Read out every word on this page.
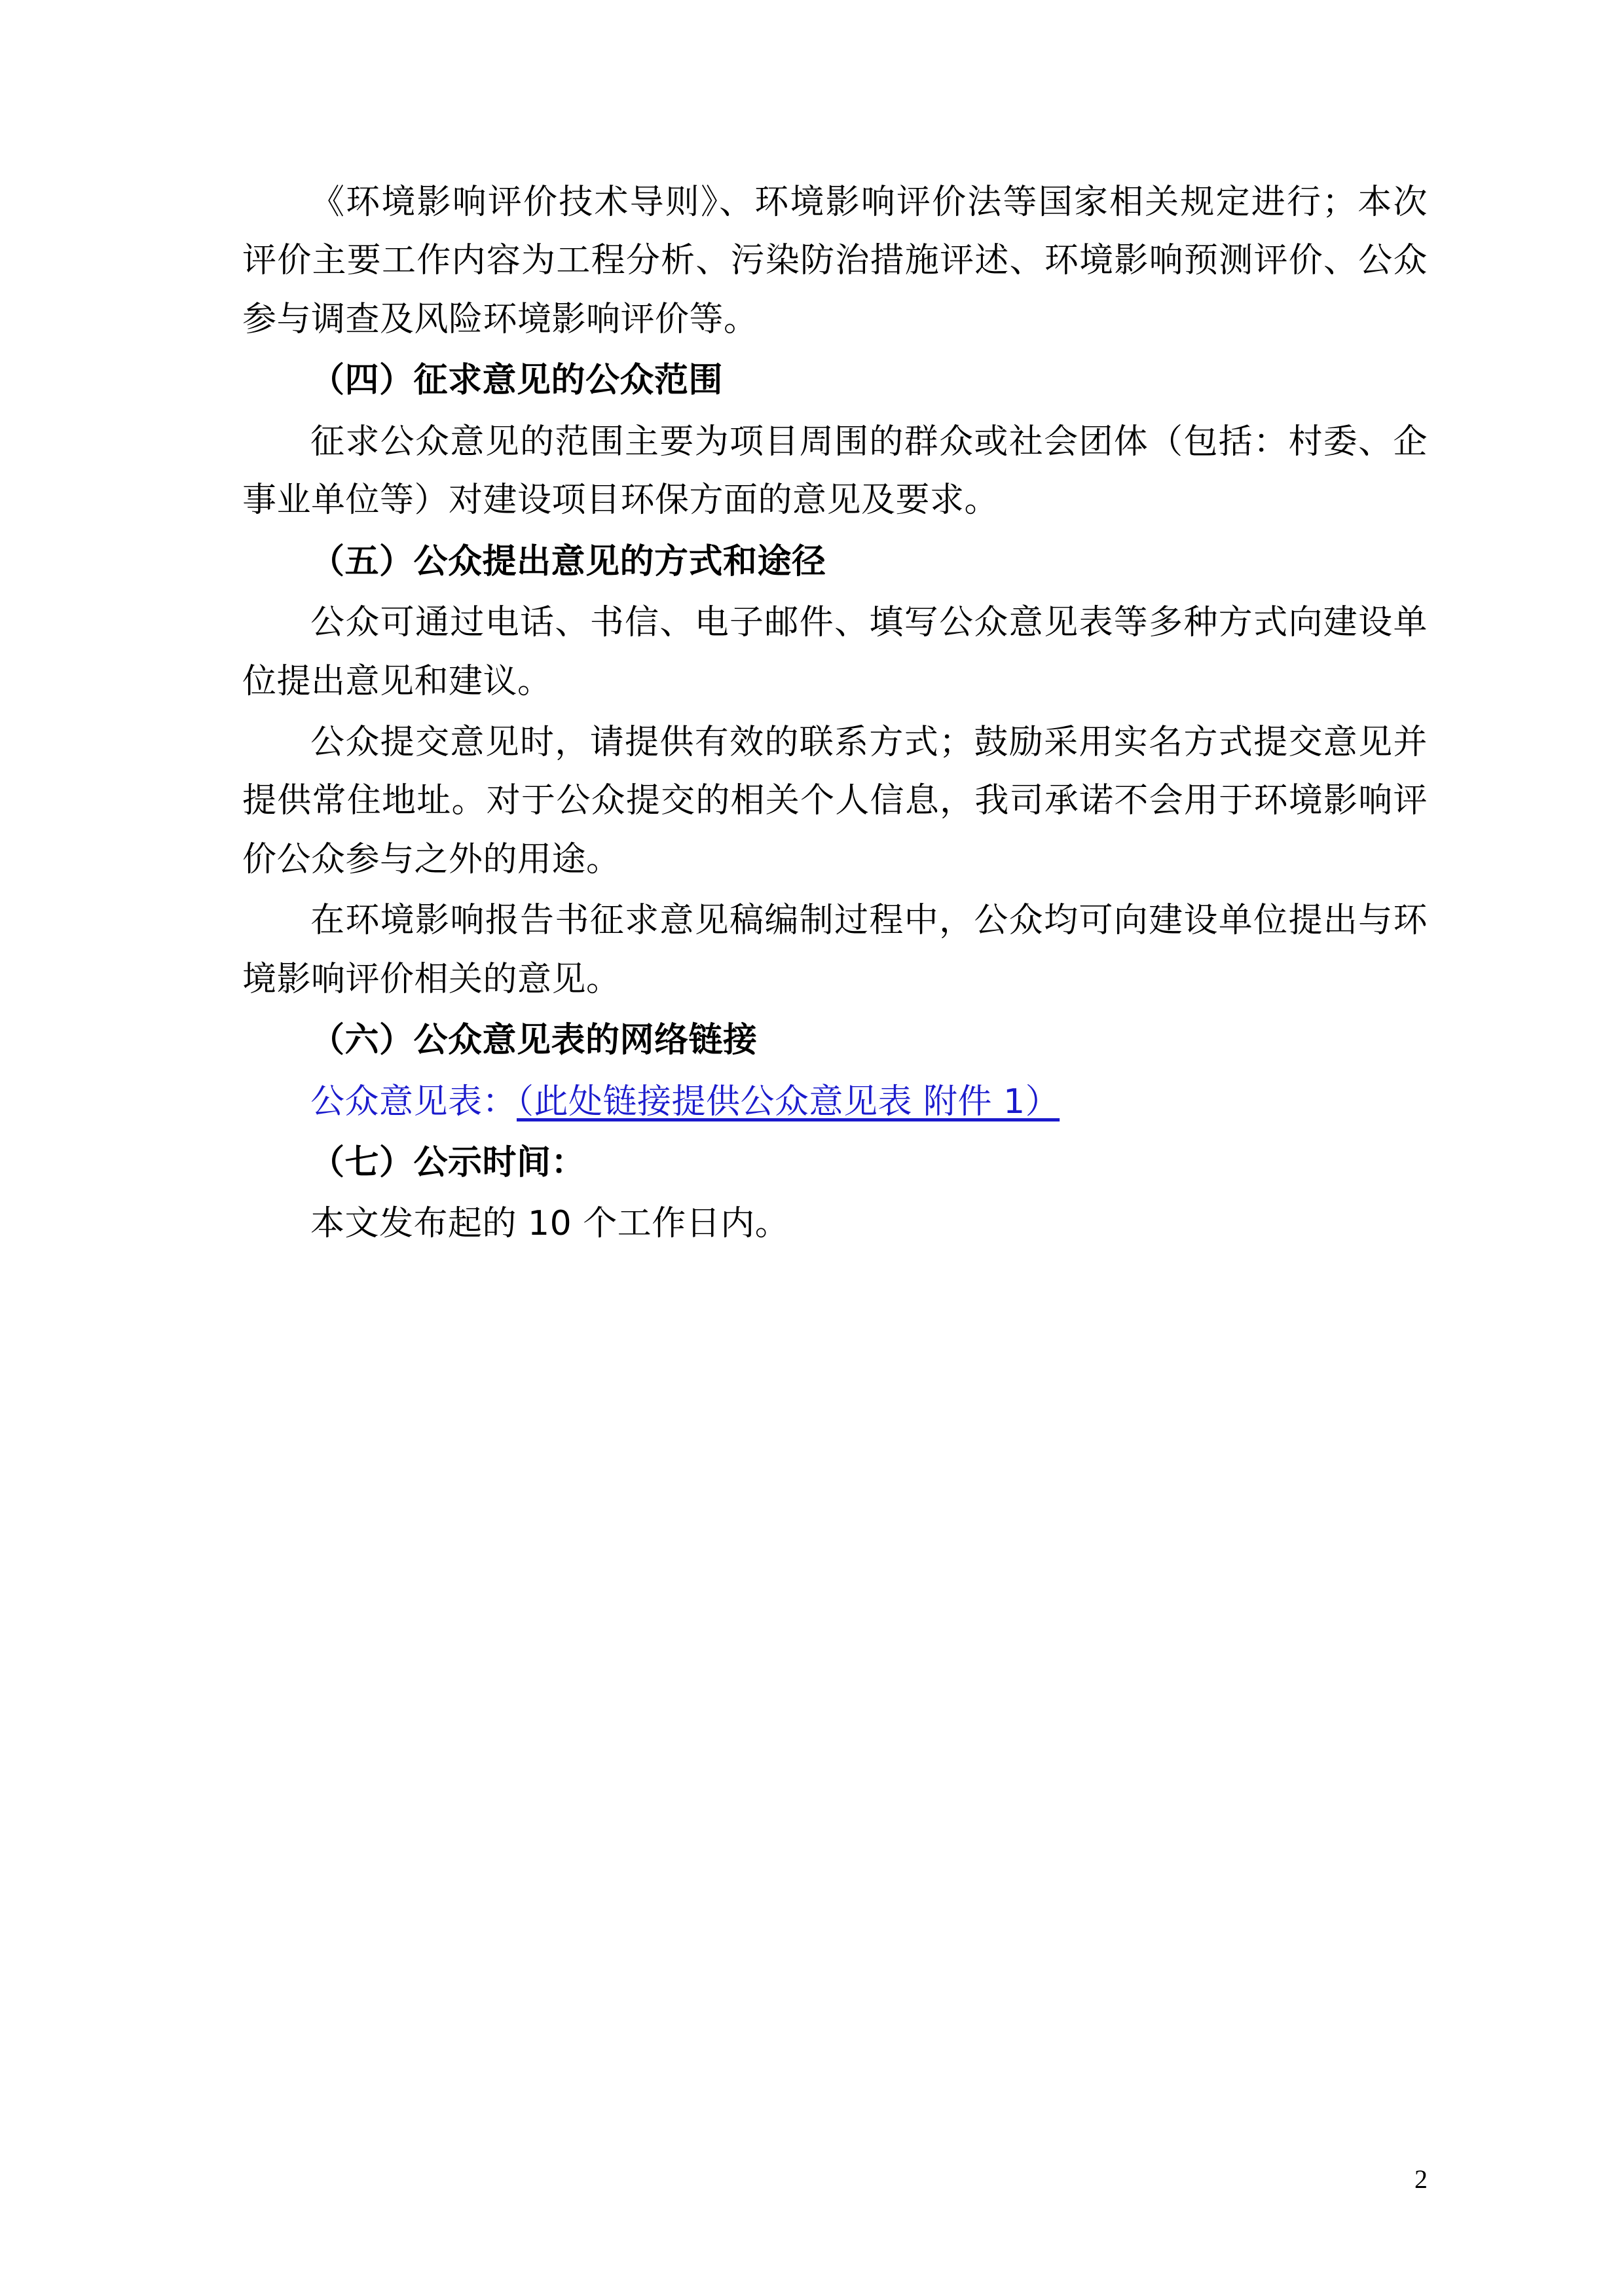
《环境影响评价技术导则》、环境影响评价法等国家相关规定进行；本次评价主要工作内容为工程分析、污染防治措施评述、环境影响预测评价、公众参与调查及风险环境影响评价等。

（四）征求意见的公众范围

征求公众意见的范围主要为项目周围的群众或社会团体（包括：村委、企事业单位等）对建设项目环保方面的意见及要求。

（五）公众提出意见的方式和途径

公众可通过电话、书信、电子邮件、填写公众意见表等多种方式向建设单位提出意见和建议。

公众提交意见时，请提供有效的联系方式；鼓励采用实名方式提交意见并提供常住地址。对于公众提交的相关个人信息，我司承诺不会用于环境影响评价公众参与之外的用途。

在环境影响报告书征求意见稿编制过程中，公众均可向建设单位提出与环境影响评价相关的意见。

（六）公众意见表的网络链接

公众意见表：（此处链接提供公众意见表 附件 1）

（七）公示时间：

本文发布起的 10 个工作日内。

2
